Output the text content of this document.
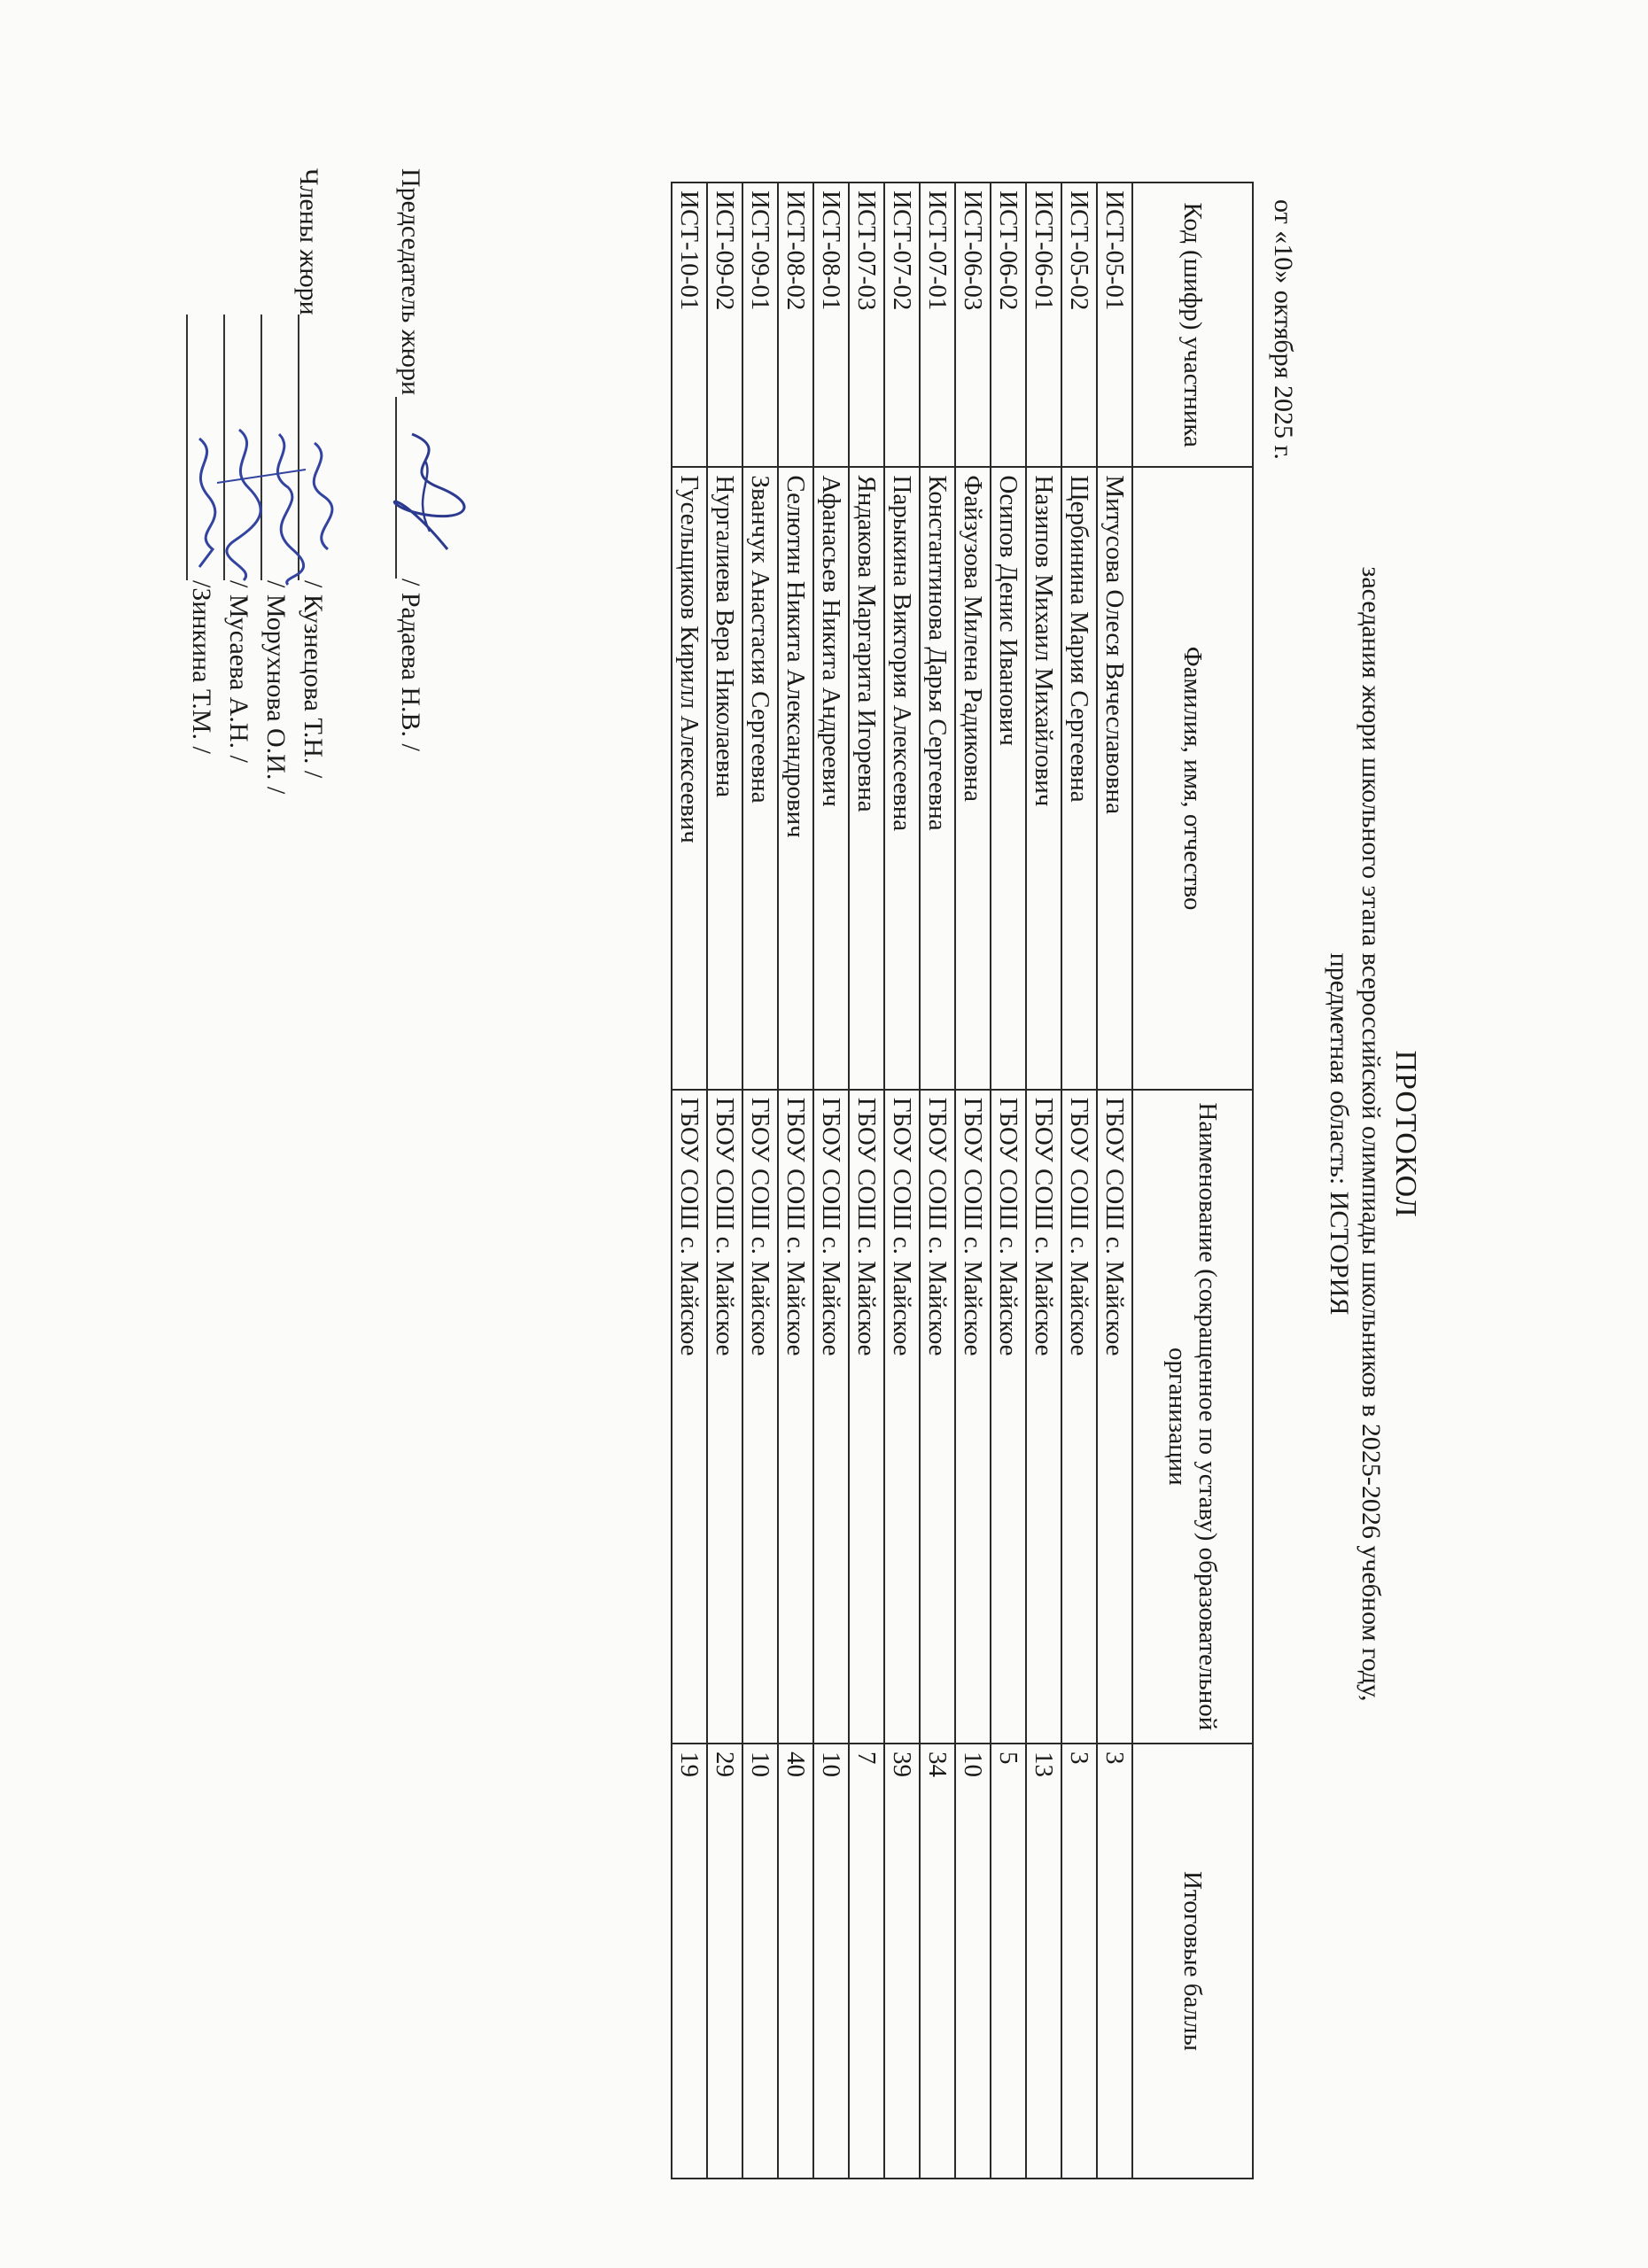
ПРОТОКОЛ
заседания жюри школьного этапа всероссийской олимпиады школьников в 2025-2026 учебном году,
предметная область: ИСТОРИЯ
от «10» октября 2025 г.
Код (шифр) участника	Фамилия, имя, отчество	Наименование (сокращенное по уставу) образовательной организации	Итоговые баллы
ИСТ-05-01	Митусова Олеся Вячеславовна	ГБОУ СОШ с. Майское	3
ИСТ-05-02	Щербинина Мария Сергеевна	ГБОУ СОШ с. Майское	3
ИСТ-06-01	Назипов Михаил Михайлович	ГБОУ СОШ с. Майское	13
ИСТ-06-02	Осипов Денис Иванович	ГБОУ СОШ с. Майское	5
ИСТ-06-03	Файзузова Милена Радиковна	ГБОУ СОШ с. Майское	10
ИСТ-07-01	Константинова Дарья Сергеевна	ГБОУ СОШ с. Майское	34
ИСТ-07-02	Парыкина Виктория Алексеевна	ГБОУ СОШ с. Майское	39
ИСТ-07-03	Яндакова Маргарита Игоревна	ГБОУ СОШ с. Майское	7
ИСТ-08-01	Афанасьев Никита Андреевич	ГБОУ СОШ с. Майское	10
ИСТ-08-02	Селютин Никита Александрович	ГБОУ СОШ с. Майское	40
ИСТ-09-01	Званчук Анастасия Сергеевна	ГБОУ СОШ с. Майское	10
ИСТ-09-02	Нургалиева Вера Николаевна	ГБОУ СОШ с. Майское	29
ИСТ-10-01	Гусельщиков Кирилл Алексеевич	ГБОУ СОШ с. Майское	19
Председатель жюри
/ Радаева Н.В. /
Члены жюри
/ Кузнецова Т.Н. /
/ Морухнова О.И. /
/ Мусаева А.Н. /
/Зинкина Т.М. /
